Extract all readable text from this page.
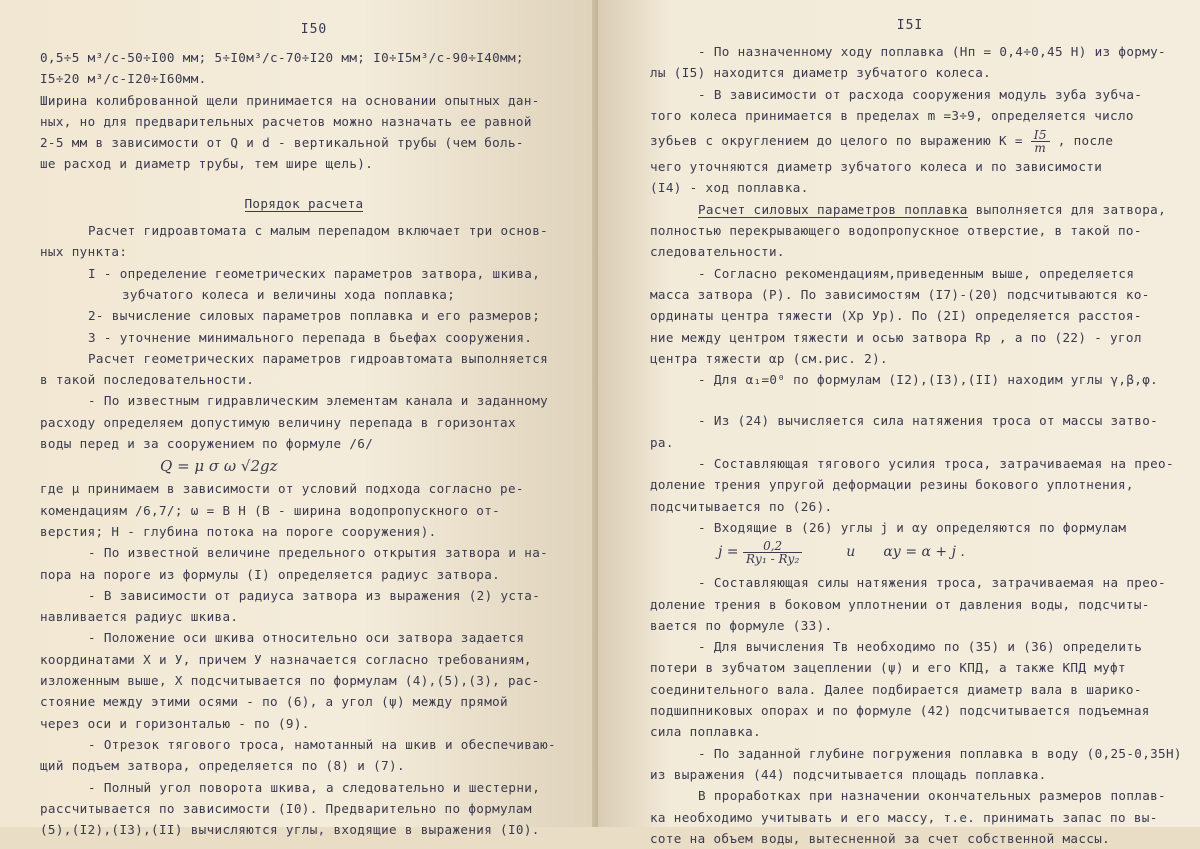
I50
0,5÷5 м³/с-50÷I00 мм; 5÷I0м³/с-70÷I20 мм; I0÷I5м³/с-90÷I40мм;
I5÷20 м³/с-I20÷I60мм.
Ширина колиброванной щели принимается на основании опытных дан-
ных, но для предварительных расчетов можно назначать ее равной
2-5 мм в зависимости от Q и d - вертикальной трубы (чем боль-
ше расход и диаметр трубы, тем шире щель).
Порядок расчета
Расчет гидроавтомата с малым перепадом включает три основ-
ных пункта:
I - определение геометрических параметров затвора, шкива,
зубчатого колеса и величины хода поплавка;
2- вычисление силовых параметров поплавка и его размеров;
3 - уточнение минимального перепада в бьефах сооружения.
Расчет геометрических параметров гидроавтомата выполняется
в такой последовательности.
- По известным гидравлическим элементам канала и заданному
расходу определяем допустимую величину перепада в горизонтах
воды перед и за сооружением по формуле /6/
Q = μ σ ω √2gz
где μ принимаем в зависимости от условий подхода согласно ре-
комендациям /6,7/; ω = В Н (В - ширина водопропускного от-
верстия; Н - глубина потока на пороге сооружения).
- По известной величине предельного открытия затвора и на-
пора на пороге из формулы (I) определяется радиус затвора.
- В зависимости от радиуса затвора из выражения (2) уста-
навливается радиус шкива.
- Положение оси шкива относительно оси затвора задается
координатами X и У, причем У назначается согласно требованиям,
изложенным выше, X подсчитывается по формулам (4),(5),(3), рас-
стояние между этими осями - по (6), а угол (ψ) между прямой
через оси и горизонталью - по (9).
- Отрезок тягового троса, намотанный на шкив и обеспечиваю-
щий подъем затвора, определяется по (8) и (7).
- Полный угол поворота шкива, а следовательно и шестерни,
рассчитывается по зависимости (I0). Предварительно по формулам
(5),(I2),(I3),(II) вычисляются углы, входящие в выражения (I0).
I5I
- По назначенному ходу поплавка (Нп = 0,4÷0,45 Н) из форму-
лы (I5) находится диаметр зубчатого колеса.
- В зависимости от расхода сооружения модуль зуба зубча-
того колеса принимается в пределах m =3÷9, определяется число
зубьев с округлением до целого по выражению $К = \frac{I5}{m}$ , после
чего уточняются диаметр зубчатого колеса и по зависимости
(I4) - ход поплавка.
Расчет силовых параметров поплавка выполняется для затвора,
полностью перекрывающего водопропускное отверстие, в такой по-
следовательности.
- Согласно рекомендациям,приведенным выше, определяется
масса затвора (Р). По зависимостям (I7)-(20) подсчитываются ко-
ординаты центра тяжести (Хр Ур). По (2I) определяется расстоя-
ние между центром тяжести и осью затвора Rр , а по (22) - угол
центра тяжести αр (см.рис. 2).
- Для α₁=0⁰ по формулам (I2),(I3),(II) находим углы γ,β,φ.
- Из (24) вычисляется сила натяжения троса от массы затво-
ра.
- Составляющая тягового усилия троса, затрачиваемая на прео-
доление трения упругой деформации резины бокового уплотнения,
подсчитывается по (26).
- Входящие в (26) углы j и αу определяются по формулам
$j = \frac{0,2}{\text{Rу₁ - Rу₂}}$	и αу = α + j .
- Составляющая силы натяжения троса, затрачиваемая на прео-
доление трения в боковом уплотнении от давления воды, подсчиты-
вается по формуле (33).
- Для вычисления Тв необходимо по (35) и (36) определить
потери в зубчатом зацеплении (ψ) и его КПД, а также КПД муфт
соединительного вала. Далее подбирается диаметр вала в шарико-
подшипниковых опорах и по формуле (42) подсчитывается подъемная
сила поплавка.
- По заданной глубине погружения поплавка в воду (0,25-0,35Н)
из выражения (44) подсчитывается площадь поплавка.
В проработках при назначении окончательных размеров поплав-
ка необходимо учитывать и его массу, т.е. принимать запас по вы-
соте на объем воды, вытесненной за счет собственной массы.
